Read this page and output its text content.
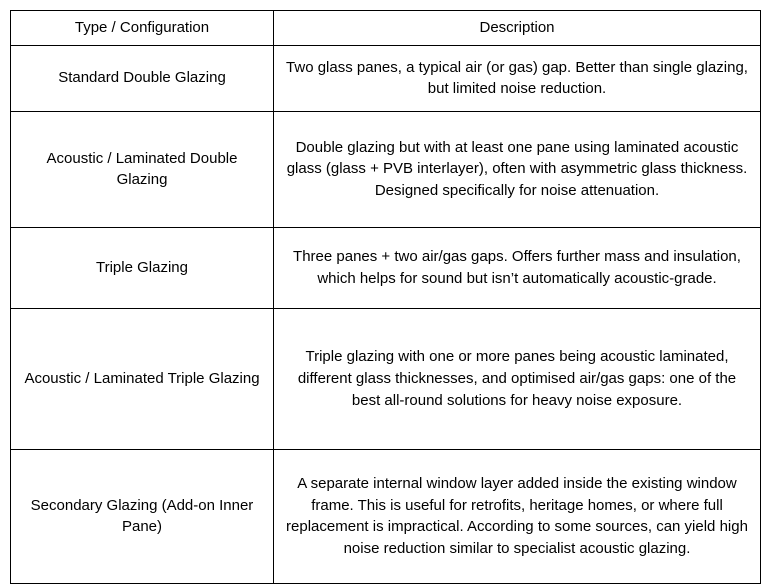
Type / Configuration	Description
Standard Double Glazing	Two glass panes, a typical air (or gas) gap. Better than single glazing, but limited noise reduction.
Acoustic / Laminated Double Glazing	Double glazing but with at least one pane using laminated acoustic glass (glass + PVB interlayer), often with asymmetric glass thickness. Designed specifically for noise attenuation.
Triple Glazing	Three panes + two air/gas gaps. Offers further mass and insulation, which helps for sound but isn’t automatically acoustic-grade.
Acoustic / Laminated Triple Glazing	Triple glazing with one or more panes being acoustic laminated, different glass thicknesses, and optimised air/gas gaps: one of the best all-round solutions for heavy noise exposure.
Secondary Glazing (Add-on Inner Pane)	A separate internal window layer added inside the existing window frame. This is useful for retrofits, heritage homes, or where full replacement is impractical. According to some sources, can yield high noise reduction similar to specialist acoustic glazing.
